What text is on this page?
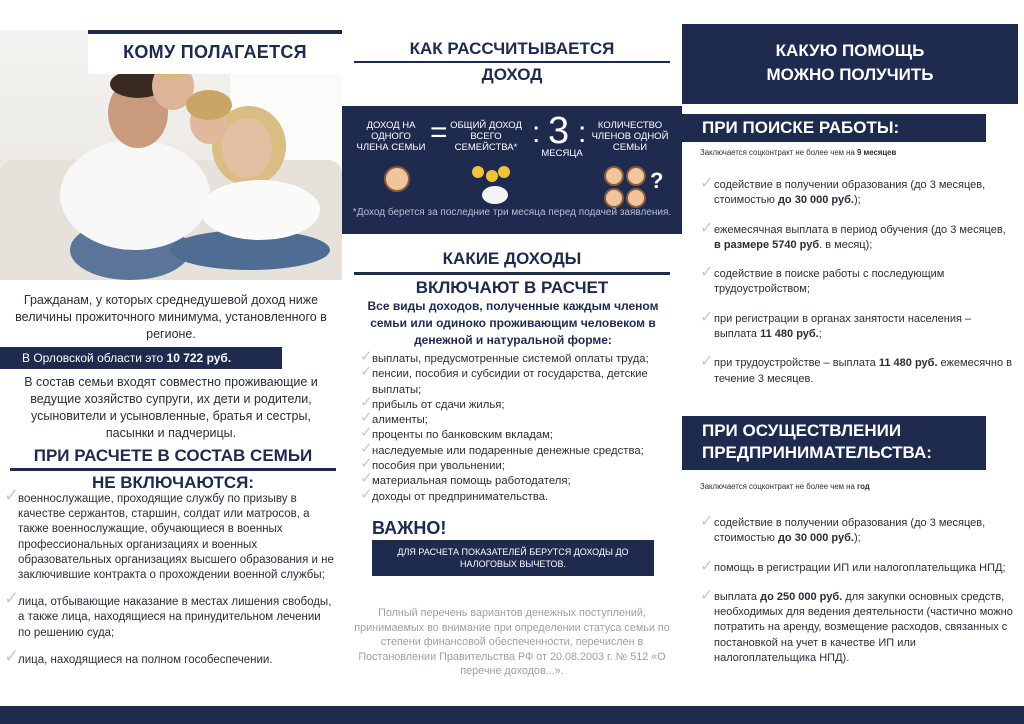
КОМУ ПОЛАГАЕТСЯ

Гражданам, у которых среднедушевой доход ниже величины прожиточного минимума, установленного в регионе.

В Орловской области это 10 722 руб.

В состав семьи входят совместно проживающие и ведущие хозяйство супруги, их дети и родители, усыновители и усыновленные, братья и сестры, пасынки и падчерицы.

ПРИ РАСЧЕТЕ В СОСТАВ СЕМЬИ
НЕ ВКЛЮЧАЮТСЯ:
✓
военнослужащие, проходящие службу по призыву в качестве сержантов, старшин, солдат или матросов, а также военнослужащие, обучающиеся в военных профессиональных организациях и военных образовательных организациях высшего образования и не заключившие контракта о прохождении военной службы;
✓
лица, отбывающие наказание в местах лишения свободы, а также лица, находящиеся на принудительном лечении по решению суда;
✓
лица, находящиеся на полном гособеспечении.
КАК РАССЧИТЫВАЕТСЯ
ДОХОД
ДОХОД НА ОДНОГО ЧЛЕНА СЕМЬИ = ОБЩИЙ ДОХОД ВСЕГО СЕМЕЙСТВА* : 3
МЕСЯЦА
:	КОЛИЧЕСТВО ЧЛЕНОВ ОДНОЙ СЕМЬИ
?
*Доход берется за последние три месяца перед подачей заявления.
КАКИЕ ДОХОДЫ
ВКЛЮЧАЮТ В РАСЧЕТ

Все виды доходов, полученные каждым членом семьи или одиноко проживающим человеком в денежной и натуральной форме:

✓ выплаты, предусмотренные системой оплаты труда;
✓ пенсии, пособия и субсидии от государства, детские выплаты;
✓ прибыль от сдачи жилья;
✓ алименты;
✓ проценты по банковским вкладам;
✓ наследуемые или подаренные денежные средства;
✓ пособия при увольнении;
✓ материальная помощь работодателя;
✓ доходы от предпринимательства.
ВАЖНО!
ДЛЯ РАСЧЕТА ПОКАЗАТЕЛЕЙ БЕРУТСЯ ДОХОДЫ ДО НАЛОГОВЫХ ВЫЧЕТОВ.

Полный перечень вариантов денежных поступлений, принимаемых во внимание при определении статуса семьи по степени финансовой обеспеченности, перечислен в Постановлении Правительства РФ от 20.08.2003 г. № 512 «О перечне доходов...».

КАКУЮ ПОМОЩЬ
МОЖНО ПОЛУЧИТЬ
ПРИ ПОИСКЕ РАБОТЫ:
Заключается соцконтракт не более чем на 9 месяцев
✓ содействие в получении образования (до 3 месяцев, стоимостью до 30 000 руб.);
✓ ежемесячная выплата в период обучения (до 3 месяцев, в размере 5740 руб. в месяц);
✓ содействие в поиске работы с последующим трудоустройством;
✓ при регистрации в органах занятости населения – выплата 11 480 руб.;
✓ при трудоустройстве – выплата 11 480 руб. ежемесячно в течение 3 месяцев.
ПРИ ОСУЩЕСТВЛЕНИИ
ПРЕДПРИНИМАТЕЛЬСТВА:
Заключается соцконтракт не более чем на год
✓ содействие в получении образования (до 3 месяцев, стоимостью до 30 000 руб.);
✓ помощь в регистрации ИП или налогоплательщика НПД;
✓ выплата до 250 000 руб. для закупки основных средств, необходимых для ведения деятельности (частично можно потратить на аренду, возмещение расходов, связанных с постановкой на учет в качестве ИП или налогоплательщика НПД).
